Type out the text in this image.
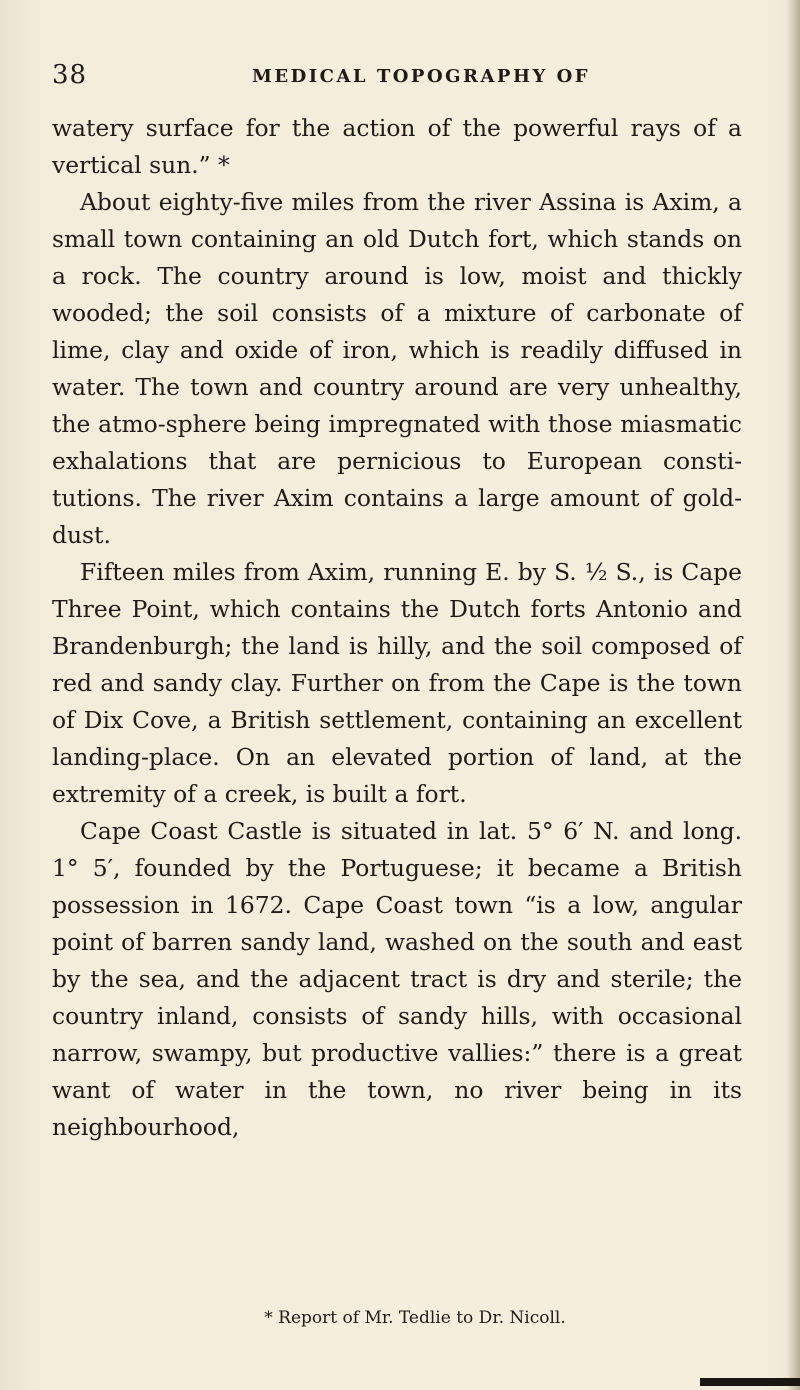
38	MEDICAL TOPOGRAPHY OF

watery surface for the action of the powerful rays of a vertical sun.” *

About eighty-five miles from the river Assina is Axim, a small town containing an old Dutch fort, which stands on a rock. The country around is low, moist and thickly wooded; the soil consists of a mixture of carbonate of lime, clay and oxide of iron, which is readily diffused in water. The town and country around are very unhealthy, the atmo-sphere being impregnated with those miasmatic exhalations that are pernicious to European consti-tutions. The river Axim contains a large amount of gold-dust.

Fifteen miles from Axim, running E. by S. ½ S., is Cape Three Point, which contains the Dutch forts Antonio and Brandenburgh; the land is hilly, and the soil composed of red and sandy clay. Further on from the Cape is the town of Dix Cove, a British settlement, containing an excellent landing-place. On an elevated portion of land, at the extremity of a creek, is built a fort.

Cape Coast Castle is situated in lat. 5° 6′ N. and long. 1° 5′, founded by the Portuguese; it became a British possession in 1672. Cape Coast town “is a low, angular point of barren sandy land, washed on the south and east by the sea, and the adjacent tract is dry and sterile; the country inland, consists of sandy hills, with occasional narrow, swampy, but productive vallies:” there is a great want of water in the town, no river being in its neighbourhood,

* Report of Mr. Tedlie to Dr. Nicoll.
